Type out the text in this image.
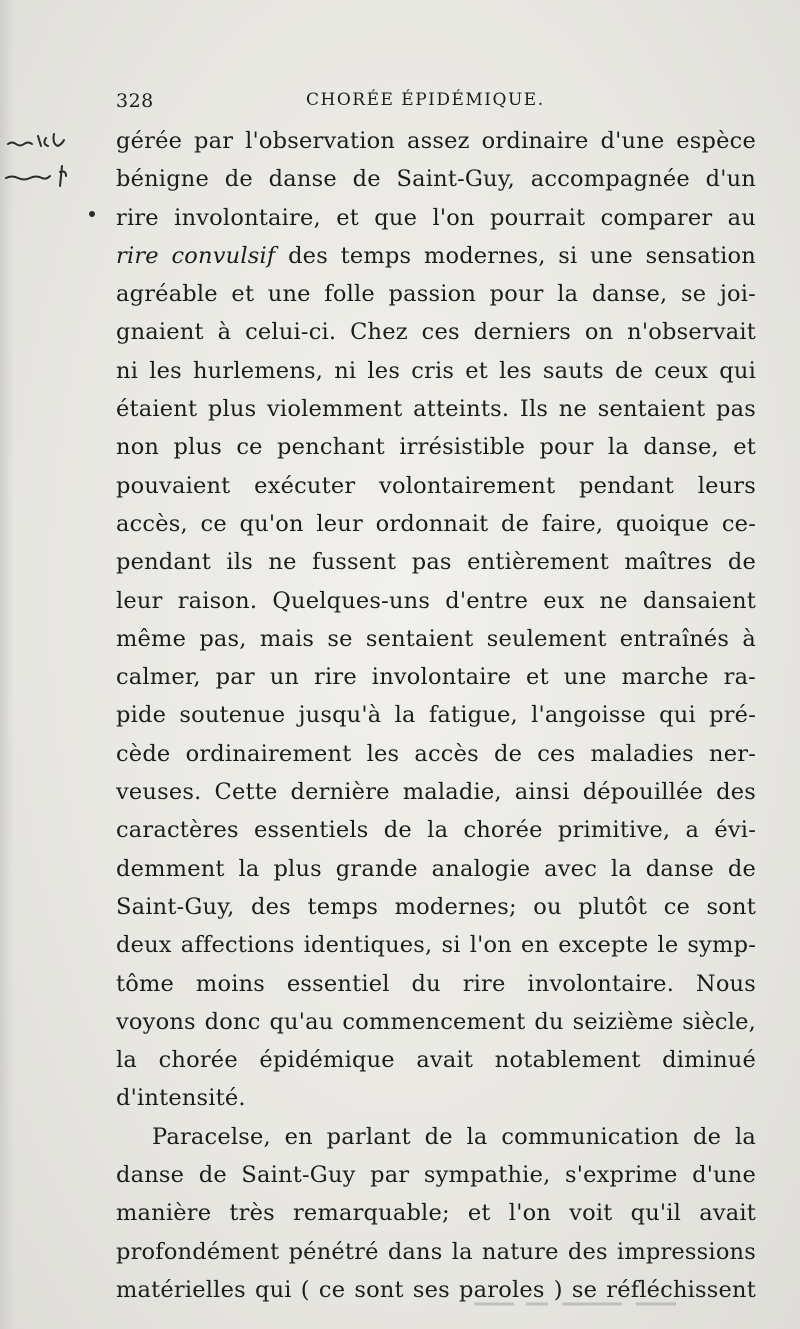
328	CHORÉE ÉPIDÉMIQUE.
gérée par l'observation assez ordinaire d'une espèce
bénigne de danse de Saint-Guy, accompagnée d'un
rire involontaire, et que l'on pourrait comparer au
rire convulsif des temps modernes, si une sensation
agréable et une folle passion pour la danse, se joi-
gnaient à celui-ci. Chez ces derniers on n'observait
ni les hurlemens, ni les cris et les sauts de ceux qui
étaient plus violemment atteints. Ils ne sentaient pas
non plus ce penchant irrésistible pour la danse, et
pouvaient exécuter volontairement pendant leurs
accès, ce qu'on leur ordonnait de faire, quoique ce-
pendant ils ne fussent pas entièrement maîtres de
leur raison. Quelques-uns d'entre eux ne dansaient
même pas, mais se sentaient seulement entraînés à
calmer, par un rire involontaire et une marche ra-
pide soutenue jusqu'à la fatigue, l'angoisse qui pré-
cède ordinairement les accès de ces maladies ner-
veuses. Cette dernière maladie, ainsi dépouillée des
caractères essentiels de la chorée primitive, a évi-
demment la plus grande analogie avec la danse de
Saint-Guy, des temps modernes; ou plutôt ce sont
deux affections identiques, si l'on en excepte le symp-
tôme moins essentiel du rire involontaire. Nous
voyons donc qu'au commencement du seizième siècle,
la chorée épidémique avait notablement diminué
d'intensité.
Paracelse, en parlant de la communication de la
danse de Saint-Guy par sympathie, s'exprime d'une
manière très remarquable; et l'on voit qu'il avait
profondément pénétré dans la nature des impressions
matérielles qui ( ce sont ses paroles ) se réfléchissent
